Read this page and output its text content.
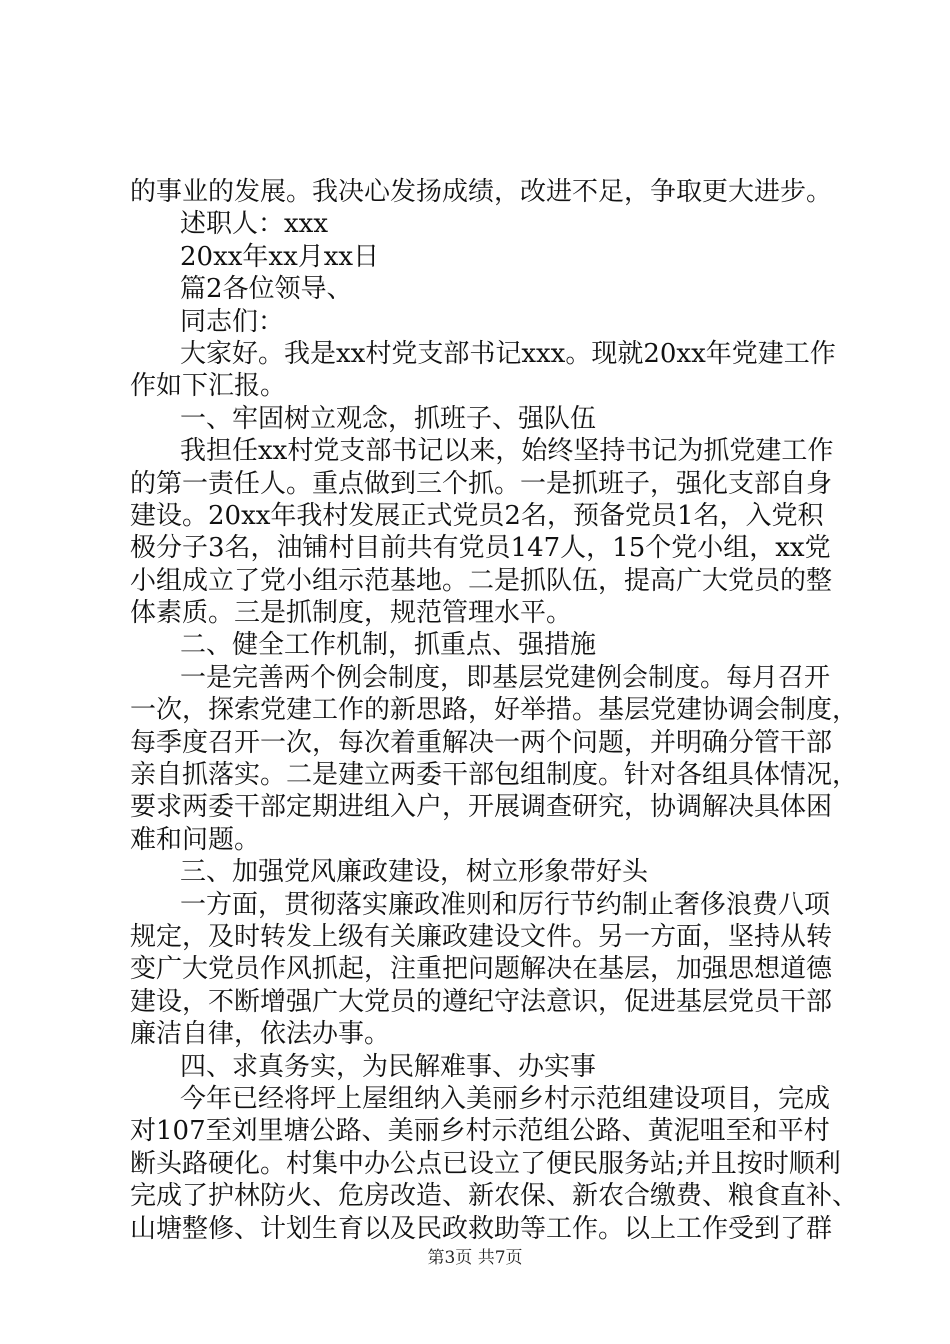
的事业的发展。我决心发扬成绩，改进不足，争取更大进步。
述职人：xxx
20xx年xx月xx日
篇2各位领导、
同志们：
大家好。我是xx村党支部书记xxx。现就20xx年党建工作
作如下汇报。
一、牢固树立观念，抓班子、强队伍
我担任xx村党支部书记以来，始终坚持书记为抓党建工作
的第一责任人。重点做到三个抓。一是抓班子，强化支部自身
建设。20xx年我村发展正式党员2名，预备党员1名，入党积
极分子3名，油铺村目前共有党员147人，15个党小组，xx党
小组成立了党小组示范基地。二是抓队伍，提高广大党员的整
体素质。三是抓制度，规范管理水平。
二、健全工作机制，抓重点、强措施
一是完善两个例会制度，即基层党建例会制度。每月召开
一次，探索党建工作的新思路，好举措。基层党建协调会制度，
每季度召开一次，每次着重解决一两个问题，并明确分管干部
亲自抓落实。二是建立两委干部包组制度。针对各组具体情况，
要求两委干部定期进组入户，开展调查研究，协调解决具体困
难和问题。
三、加强党风廉政建设，树立形象带好头
一方面，贯彻落实廉政准则和厉行节约制止奢侈浪费八项
规定，及时转发上级有关廉政建设文件。另一方面，坚持从转
变广大党员作风抓起，注重把问题解决在基层，加强思想道德
建设，不断增强广大党员的遵纪守法意识，促进基层党员干部
廉洁自律，依法办事。
四、求真务实，为民解难事、办实事
今年已经将坪上屋组纳入美丽乡村示范组建设项目，完成
对107至刘里塘公路、美丽乡村示范组公路、黄泥咀至和平村
断头路硬化。村集中办公点已设立了便民服务站;并且按时顺利
完成了护林防火、危房改造、新农保、新农合缴费、粮食直补、
山塘整修、计划生育以及民政救助等工作。以上工作受到了群
第3页 共7页
